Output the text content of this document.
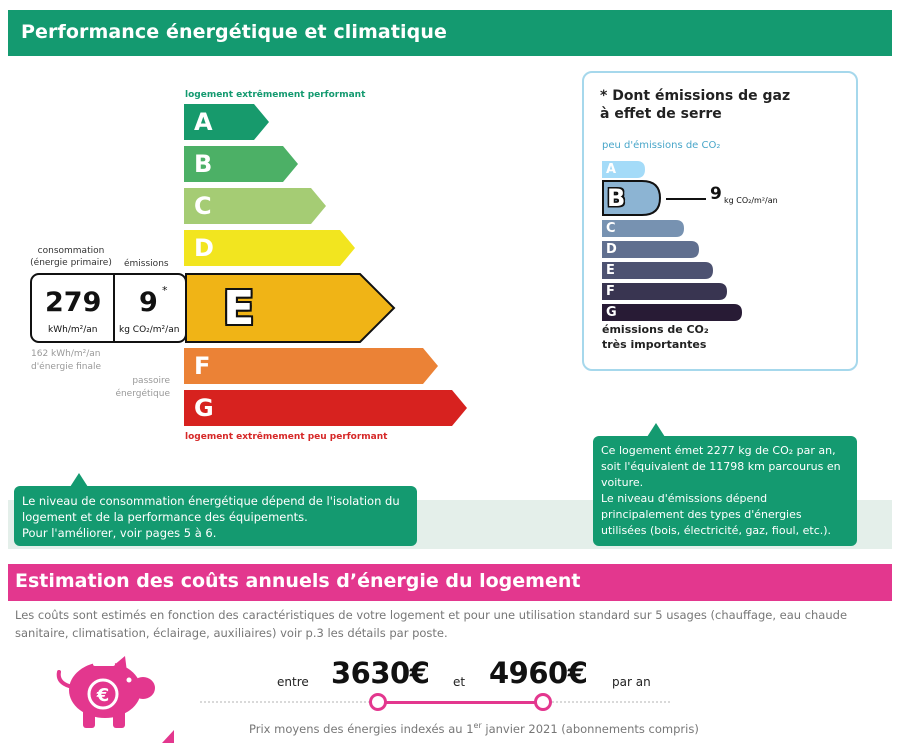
Performance énergétique et climatique
logement extrêmement performant
A
B
C
D
F
G
logement extrêmement peu performant
279
kWh/m²/an
9 *
kg CO₂/m²/an E
consommation
(énergie primaire) émissions
162 kWh/m²/an
d'énergie finale
passoire
énergétique
Le niveau de consommation énergétique dépend de l'isolation du logement et de la performance des équipements.
Pour l'améliorer, voir pages 5 à 6.
* Dont émissions de gaz
à effet de serre
peu d'émissions de CO₂
A
B
C
D
E
F
G
9 kg CO₂/m²/an
émissions de CO₂
très importantes
Ce logement émet 2277 kg de CO₂ par an, soit l'équivalent de 11798 km parcourus en voiture.
Le niveau d'émissions dépend principalement des types d'énergies utilisées (bois, électricité, gaz, fioul, etc.).
Estimation des coûts annuels d’énergie du logement
Les coûts sont estimés en fonction des caractéristiques de votre logement et pour une utilisation standard sur 5 usages (chauffage, eau chaude sanitaire, climatisation, éclairage, auxiliaires) voir p.3 les détails par poste.
€
entre 3630€ et 4960€ par an
Prix moyens des énergies indexés au 1er janvier 2021 (abonnements compris)
